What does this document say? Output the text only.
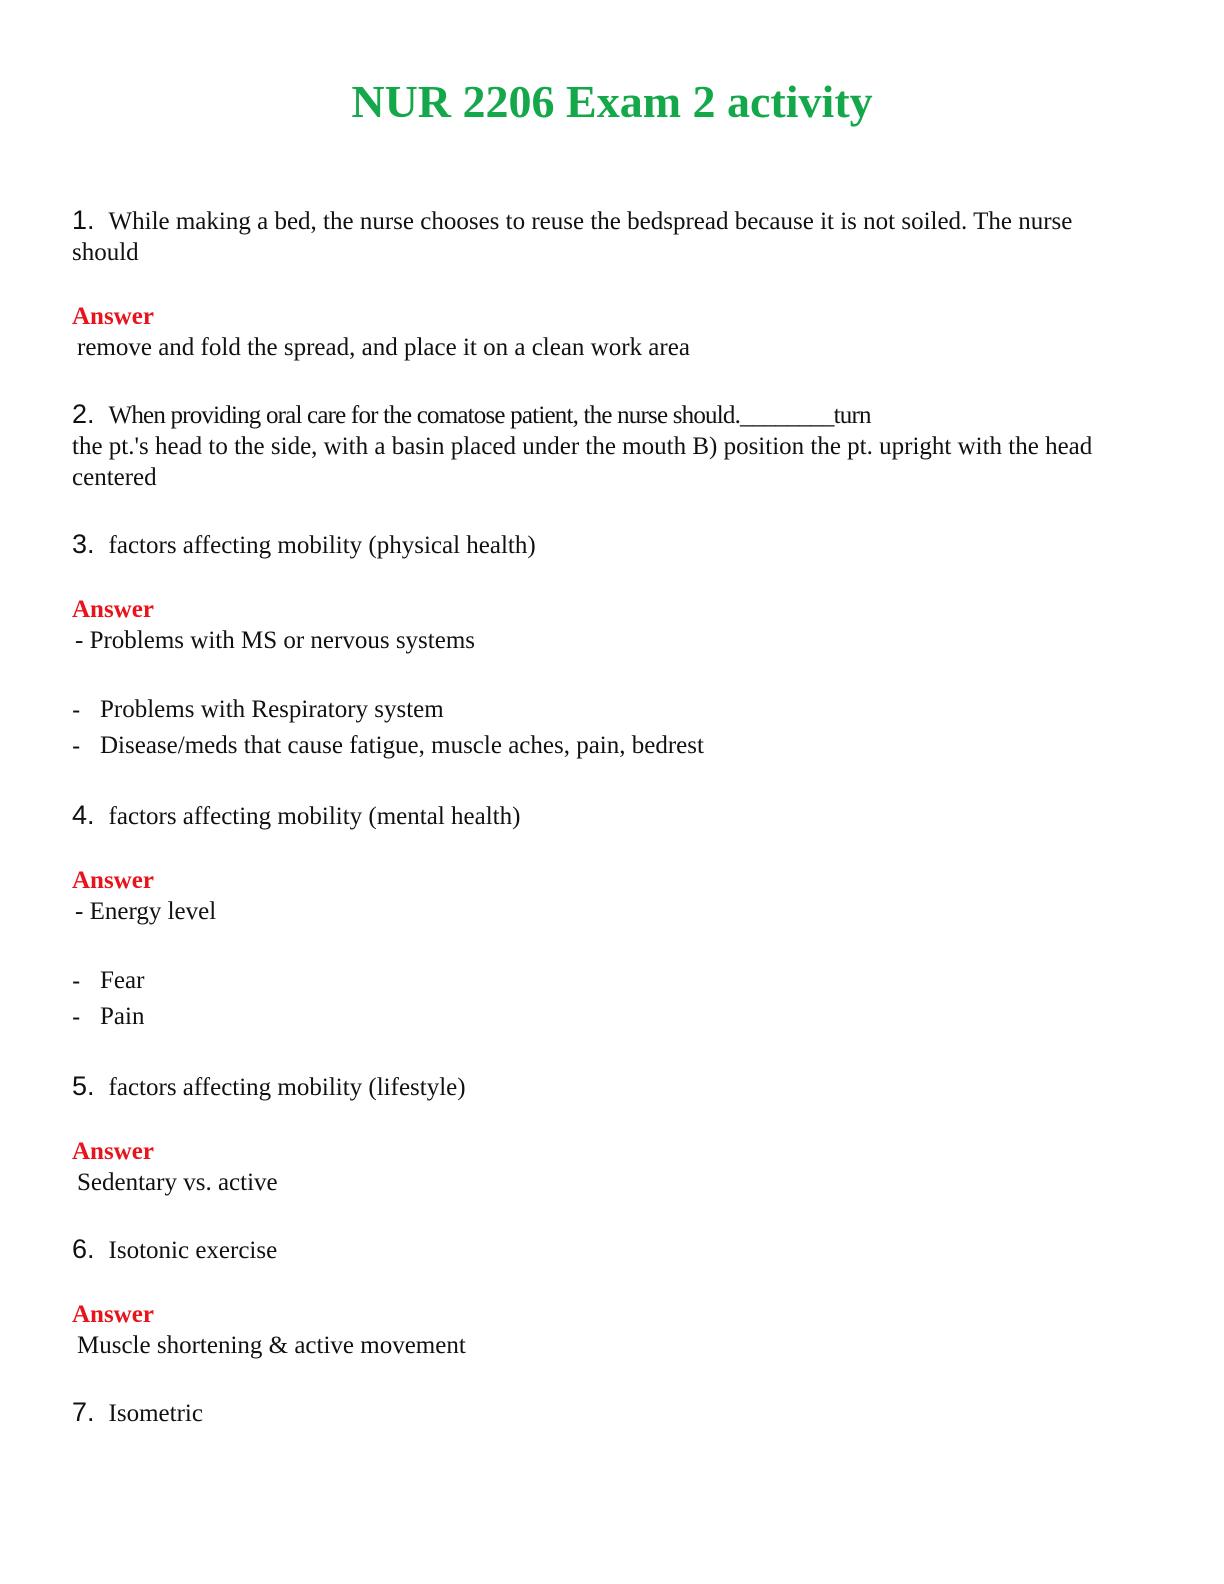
NUR 2206 Exam 2 activity
1. While making a bed, the nurse chooses to reuse the bedspread because it is not soiled. The nurse should
Answer
remove and fold the spread, and place it on a clean work area
2. When providing oral care for the comatose patient, the nurse should.________turn
the pt.'s head to the side, with a basin placed under the mouth B) position the pt. upright with the head centered
3. factors affecting mobility (physical health)
Answer
- Problems with MS or nervous systems
- Problems with Respiratory system
- Disease/meds that cause fatigue, muscle aches, pain, bedrest
4. factors affecting mobility (mental health)
Answer
- Energy level
- Fear
- Pain
5. factors affecting mobility (lifestyle)
Answer
Sedentary vs. active
6. Isotonic exercise
Answer
Muscle shortening & active movement
7. Isometric
